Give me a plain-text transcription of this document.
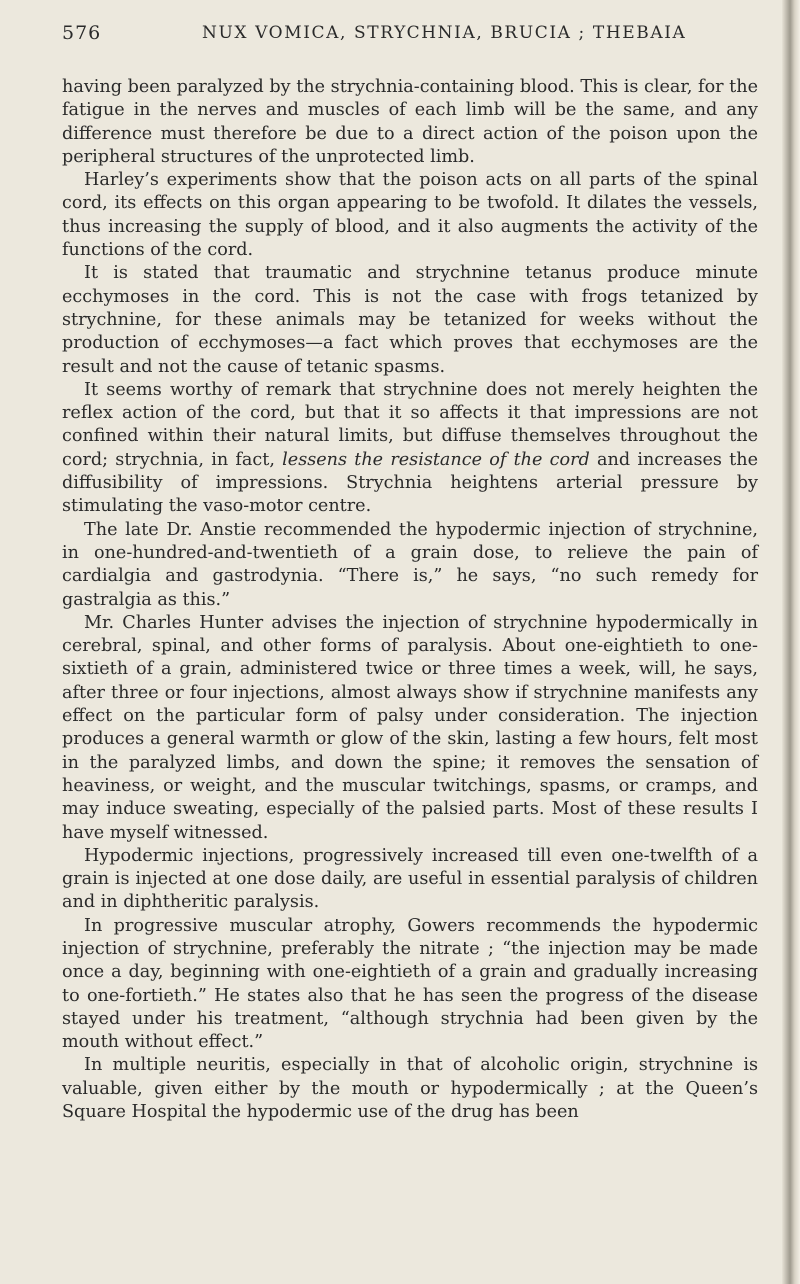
576	NUX VOMICA, STRYCHNIA, BRUCIA ; THEBAIA

having been paralyzed by the strychnia-containing blood. This is clear, for the fatigue in the nerves and muscles of each limb will be the same, and any difference must therefore be due to a direct action of the poison upon the peripheral structures of the unprotected limb.

Harley’s experiments show that the poison acts on all parts of the spinal cord, its effects on this organ appearing to be twofold. It dilates the vessels, thus increasing the supply of blood, and it also augments the activity of the functions of the cord.

It is stated that traumatic and strychnine tetanus produce minute ecchymoses in the cord. This is not the case with frogs tetanized by strychnine, for these animals may be tetanized for weeks without the production of ecchymoses—a fact which proves that ecchymoses are the result and not the cause of tetanic spasms.

It seems worthy of remark that strychnine does not merely heighten the reflex action of the cord, but that it so affects it that impressions are not confined within their natural limits, but diffuse themselves throughout the cord; strychnia, in fact, lessens the resistance of the cord and increases the diffusibility of impressions. Strychnia heightens arterial pressure by stimulating the vaso-motor centre.

The late Dr. Anstie recommended the hypodermic injection of strychnine, in one-hundred-and-twentieth of a grain dose, to relieve the pain of cardialgia and gastrodynia. “There is,” he says, “no such remedy for gastralgia as this.”

Mr. Charles Hunter advises the injection of strychnine hypodermically in cerebral, spinal, and other forms of paralysis. About one-eightieth to one-sixtieth of a grain, administered twice or three times a week, will, he says, after three or four injections, almost always show if strychnine manifests any effect on the particular form of palsy under consideration. The injection produces a general warmth or glow of the skin, lasting a few hours, felt most in the paralyzed limbs, and down the spine; it removes the sensation of heaviness, or weight, and the muscular twitchings, spasms, or cramps, and may induce sweating, especially of the palsied parts. Most of these results I have myself witnessed.

Hypodermic injections, progressively increased till even one-twelfth of a grain is injected at one dose daily, are useful in essential paralysis of children and in diphtheritic paralysis.

In progressive muscular atrophy, Gowers recommends the hypodermic injection of strychnine, preferably the nitrate ; “the injection may be made once a day, beginning with one-eightieth of a grain and gradually increasing to one-fortieth.” He states also that he has seen the progress of the disease stayed under his treatment, “although strychnia had been given by the mouth without effect.”

In multiple neuritis, especially in that of alcoholic origin, strychnine is valuable, given either by the mouth or hypodermically ; at the Queen’s Square Hospital the hypodermic use of the drug has been
